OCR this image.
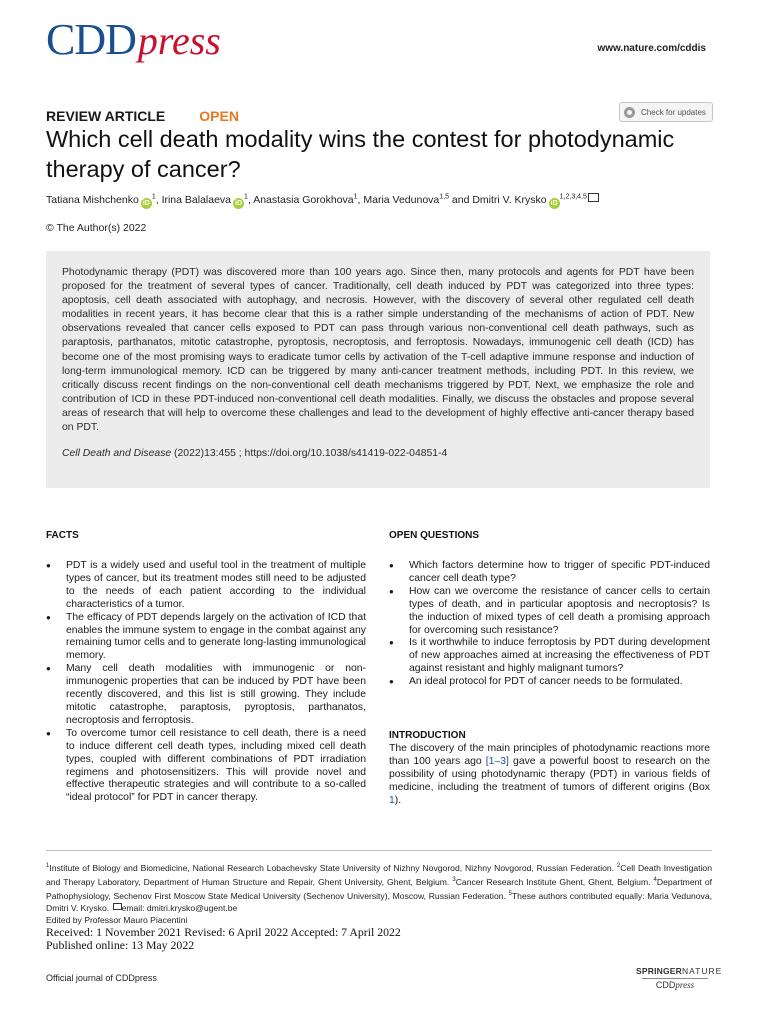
CDDpress	www.nature.com/cddis
REVIEW ARTICLE OPEN	Check for updates
Which cell death modality wins the contest for photodynamic therapy of cancer?
Tatiana Mishchenko $iD^1$, Irina Balalaeva $iD^1$, Anastasia Gorokhova$^1$, Maria Vedunova$^{1,5}$ and Dmitri V. Krysko iD$^{1,2,3,4,5}$
© The Author(s) 2022

Photodynamic therapy (PDT) was discovered more than 100 years ago. Since then, many protocols and agents for PDT have been proposed for the treatment of several types of cancer. Traditionally, cell death induced by PDT was categorized into three types: apoptosis, cell death associated with autophagy, and necrosis. However, with the discovery of several other regulated cell death modalities in recent years, it has become clear that this is a rather simple understanding of the mechanisms of action of PDT. New observations revealed that cancer cells exposed to PDT can pass through various non-conventional cell death pathways, such as paraptosis, parthanatos, mitotic catastrophe, pyroptosis, necroptosis, and ferroptosis. Nowadays, immunogenic cell death (ICD) has become one of the most promising ways to eradicate tumor cells by activation of the T-cell adaptive immune response and induction of long-term immunological memory. ICD can be triggered by many anti-cancer treatment methods, including PDT. In this review, we critically discuss recent findings on the non-conventional cell death mechanisms triggered by PDT. Next, we emphasize the role and contribution of ICD in these PDT-induced non-conventional cell death modalities. Finally, we discuss the obstacles and propose several areas of research that will help to overcome these challenges and lead to the development of highly effective anti-cancer therapy based on PDT.

Cell Death and Disease (2022)13:455 ; https://doi.org/10.1038/s41419-022-04851-4
FACTS
● PDT is a widely used and useful tool in the treatment of multiple types of cancer, but its treatment modes still need to be adjusted to the needs of each patient according to the individual characteristics of a tumor.
● The efficacy of PDT depends largely on the activation of ICD that enables the immune system to engage in the combat against any remaining tumor cells and to generate long-lasting immunological memory.
● Many cell death modalities with immunogenic or non-immunogenic properties that can be induced by PDT have been recently discovered, and this list is still growing. They include mitotic catastrophe, paraptosis, pyroptosis, parthanatos, necroptosis and ferroptosis.
● To overcome tumor cell resistance to cell death, there is a need to induce different cell death types, including mixed cell death types, coupled with different combinations of PDT irradiation regimens and photosensitizers. This will provide novel and effective therapeutic strategies and will contribute to a so-called “ideal protocol” for PDT in cancer therapy.
OPEN QUESTIONS
● Which factors determine how to trigger of specific PDT-induced cancer cell death type?
● How can we overcome the resistance of cancer cells to certain types of death, and in particular apoptosis and necroptosis? Is the induction of mixed types of cell death a promising approach for overcoming such resistance?
● Is it worthwhile to induce ferroptosis by PDT during development of new approaches aimed at increasing the effectiveness of PDT against resistant and highly malignant tumors?
● An ideal protocol for PDT of cancer needs to be formulated.
INTRODUCTION

The discovery of the main principles of photodynamic reactions more than 100 years ago [1–3] gave a powerful boost to research on the possibility of using photodynamic therapy (PDT) in various fields of medicine, including the treatment of tumors of different origins (Box 1).

$^1$Institute of Biology and Biomedicine, National Research Lobachevsky State University of Nizhny Novgorod, Nizhny Novgorod, Russian Federation. $^2$Cell Death Investigation and Therapy Laboratory, Department of Human Structure and Repair, Ghent University, Ghent, Belgium. $^3$Cancer Research Institute Ghent, Ghent, Belgium. $^4$Department of Pathophysiology, Sechenov First Moscow State Medical University (Sechenov University), Moscow, Russian Federation. $^5$These authors contributed equally: Maria Vedunova, Dmitri V. Krysko. email: dmitri.krysko@ugent.be
Edited by Professor Mauro Piacentini
Received: 1 November 2021 Revised: 6 April 2022 Accepted: 7 April 2022
Published online: 13 May 2022
Official journal of CDDpress
SPRINGERNATURE
CDDpress
